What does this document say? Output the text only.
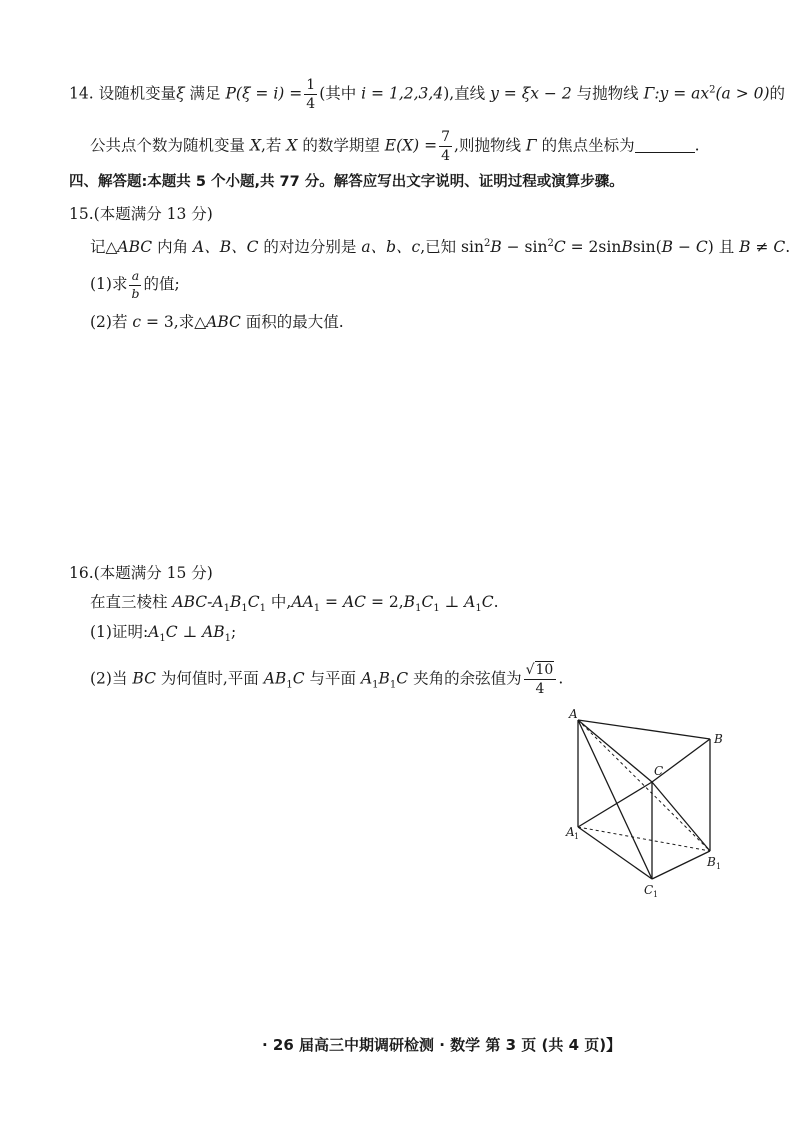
14. 设随机变量ξ 满足 $P(\xi = i) = \frac{1}{4}$ (其中 i = 1,2,3,4),直线 y = ξx − 2 与抛物线 Γ:y = $ax^2(a > 0)$的
公共点个数为随机变量 X,若 X 的数学期望 $E(X) = \frac{7}{4}$ ,则抛物线 Γ 的焦点坐标为	.
四、解答题:本题共 5 个小题,共 77 分。解答应写出文字说明、证明过程或演算步骤。
15.(本题满分 13 分)
记△ABC 内角 A、B、C 的对边分别是 a、b、c,已知 $\sin^2B - \sin^2C$ = 2sinBsin(B − C) 且 B ≠ C.
(1)求 $\frac{a}{b}$ 的值;
(2)若 c = 3,求△ABC 面积的最大值.
16.(本题满分 15 分)
在直三棱柱 ABC-$A_1B_1C_1$ 中$,AA_1$ = AC = $2,B_1C_1$ ⊥ $A_1C$.
(1)证明$:A_1C$ ⊥ $AB_1$;
(2)当 BC 为何值时,平面 $AB_1C$ 与平面 $A_1B_1C$ 夹角的余弦值为 $\frac{√10}{4}$ .
A
B
C
A 1
B 1
C 1
· 26 届高三中期调研检测 · 数学 第 3 页 (共 4 页)】
